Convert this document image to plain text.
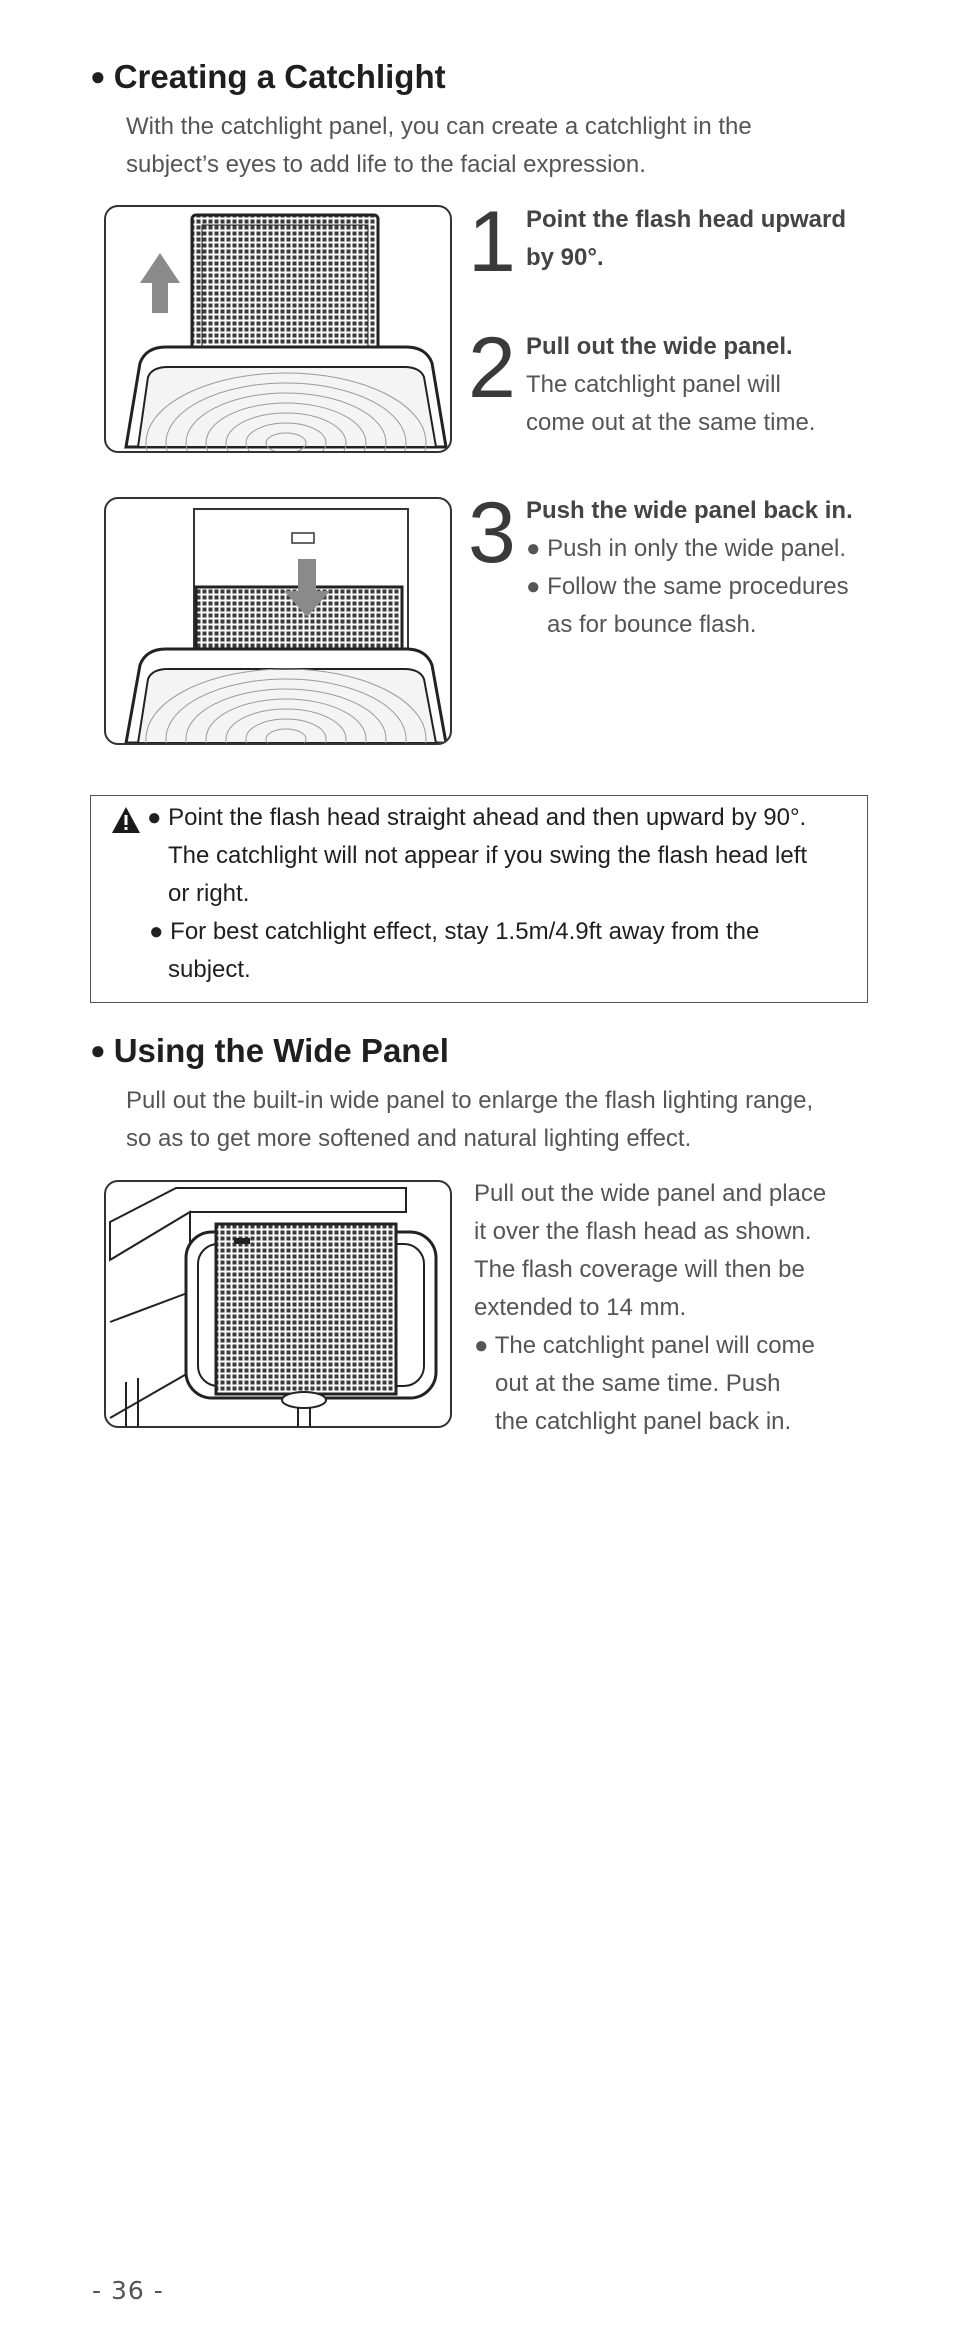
● Creating a Catchlight

With the catchlight panel, you can create a catchlight in the

subject’s eyes to add life to the facial expression.

1 Point the flash head upward

by 90°.

2 Pull out the wide panel.

The catchlight panel will

come out at the same time.

3 Push the wide panel back in.

● Push in only the wide panel.

● Follow the same procedures

as for bounce flash.

● Point the flash head straight ahead and then upward by 90°.

The catchlight will not appear if you swing the flash head left

or right.

● For best catchlight effect, stay 1.5m/4.9ft away from the

subject.

● Using the Wide Panel

Pull out the built-in wide panel to enlarge the flash lighting range,

so as to get more softened and natural lighting effect.

Pull out the wide panel and place

it over the flash head as shown.

The flash coverage will then be

extended to 14 mm.

● The catchlight panel will come

out at the same time. Push

the catchlight panel back in.

- 36 -
